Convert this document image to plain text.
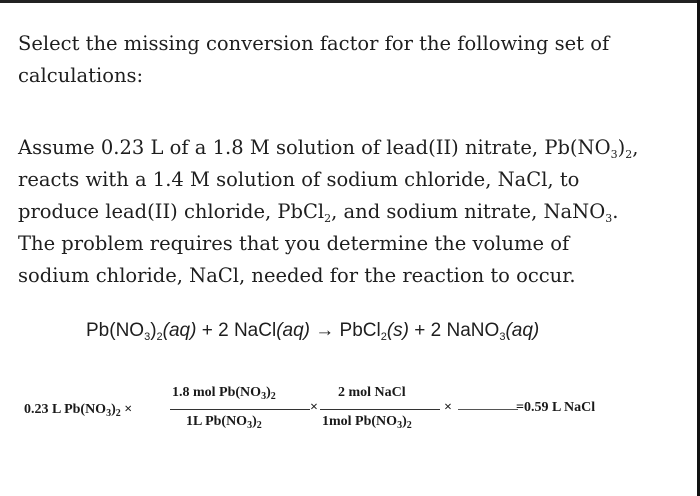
Select the missing conversion factor for the following set of
calculations:
Assume 0.23 L of a 1.8 M solution of lead(II) nitrate, $Pb(NO_3)_2$,
reacts with a 1.4 M solution of sodium chloride, NaCl, to
produce lead(II) chloride, PbCl$_2$, and sodium nitrate, NaNO$_3$.
The problem requires that you determine the volume of
sodium chloride, NaCl, needed for the reaction to occur.
$Pb(NO_3)_2(aq) + 2$ NaCl(aq) → PbCl$_2$(s) + 2 NaNO$_3$(aq)
0.23 L $Pb(NO_3)_2$ ×
1.8 mol $Pb(NO_3)_2$
1L $Pb(NO_3)_2$
×
2 mol NaCl
1mol $Pb(NO_3)_2$
×	=0.59 L NaCl
